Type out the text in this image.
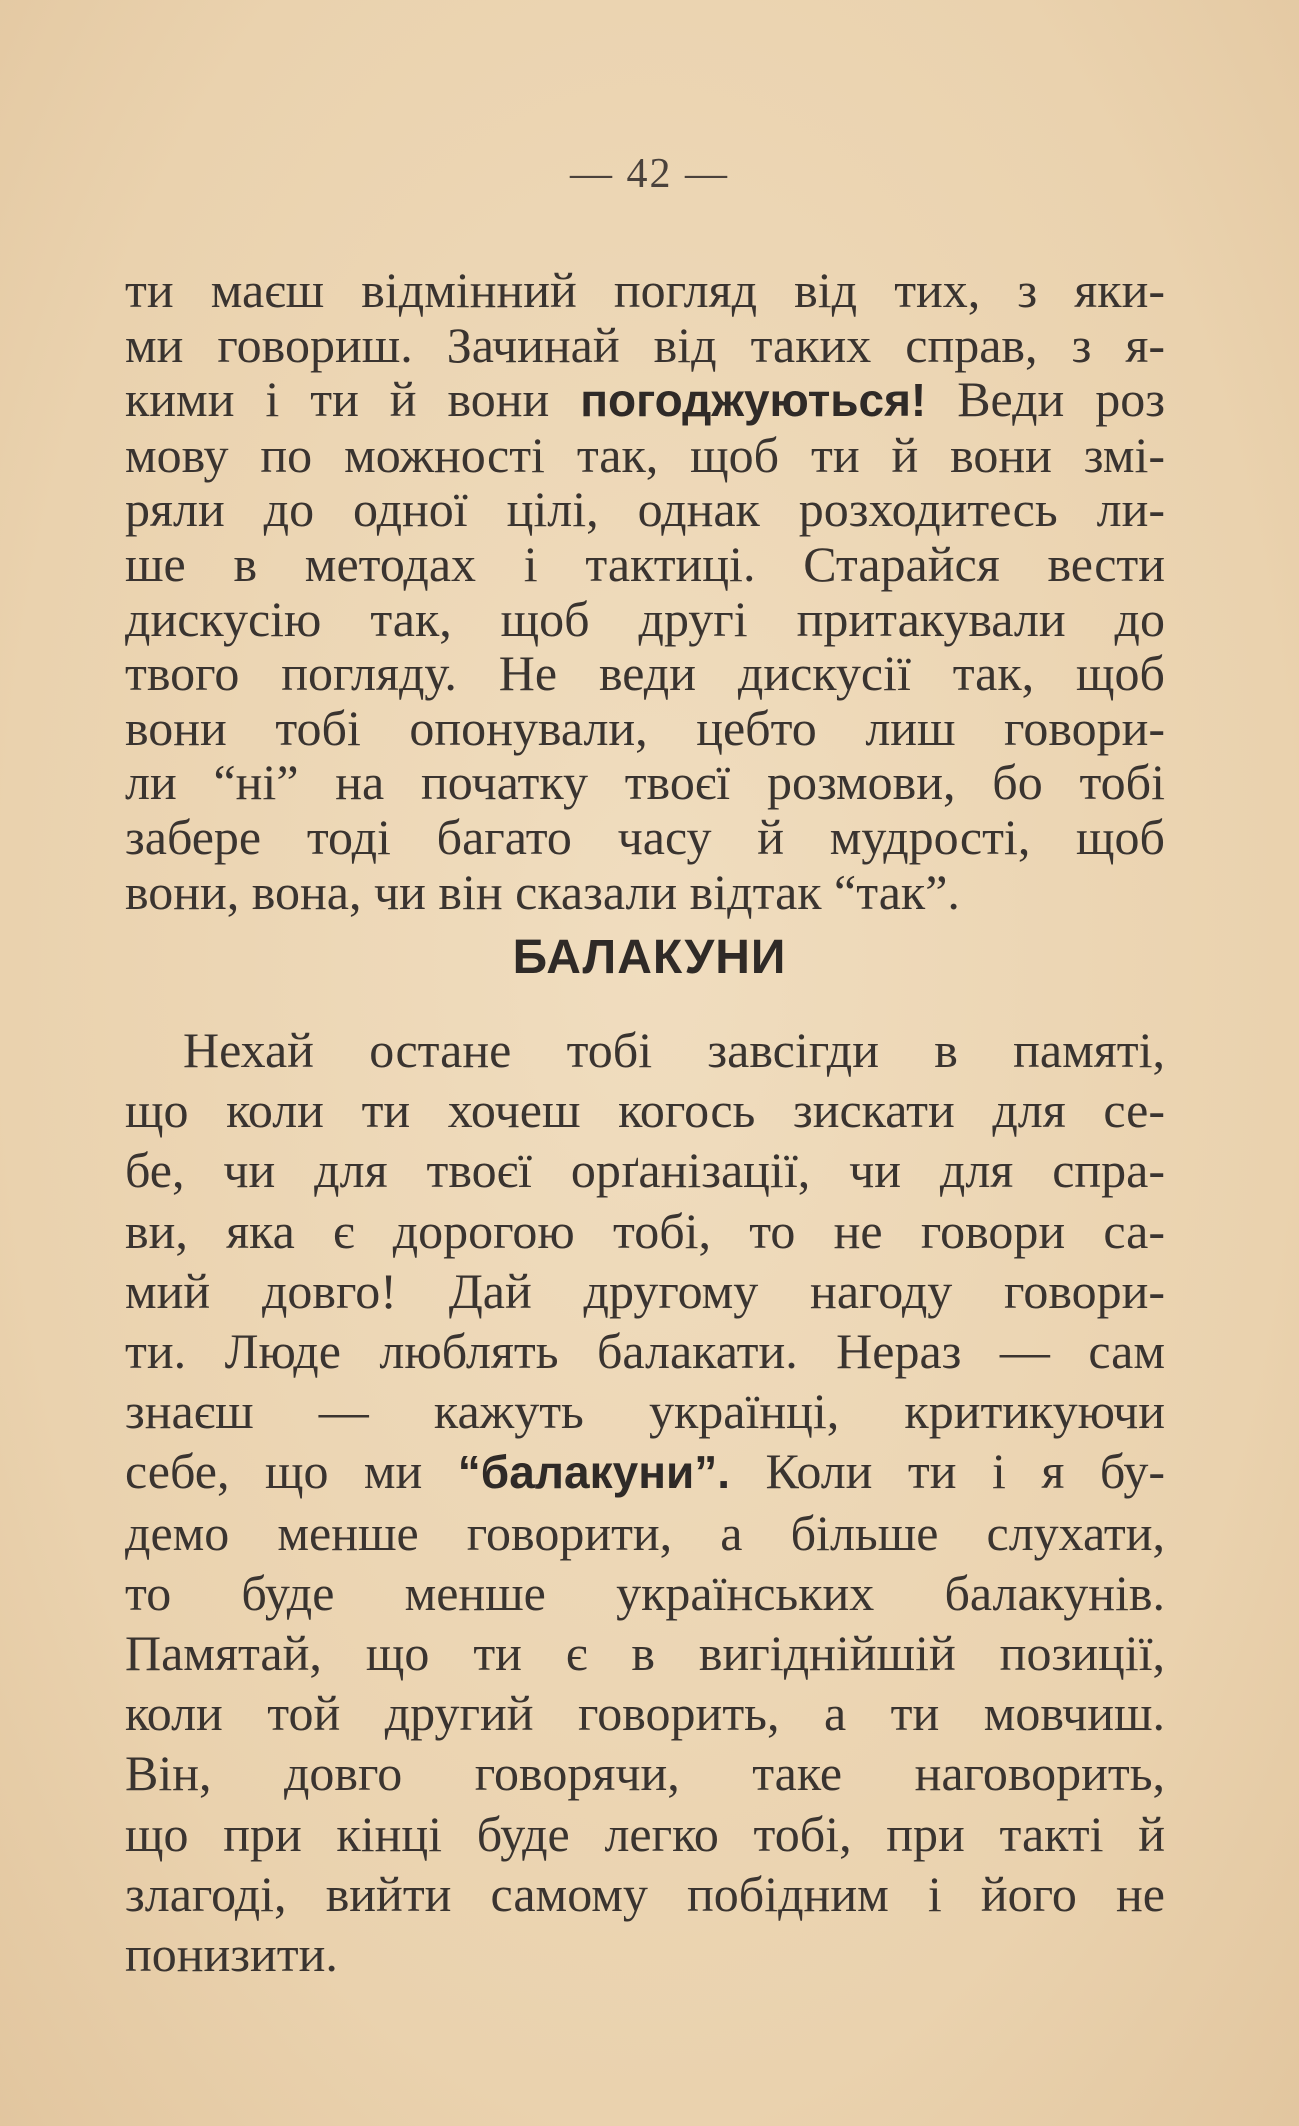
— 42 —
ти маєш відмінний погляд від тих, з яки-
ми говориш. Зачинай від таких справ, з я-
кими і ти й вони погоджуються! Веди роз
мову по можності так, щоб ти й вони змі-
ряли до одної цілі, однак розходитесь ли-
ше в методах і тактиці. Старайся вести
дискусію так, щоб другі притакували до
твого погляду. Не веди дискусії так, щоб
вони тобі опонували, цебто лиш говори-
ли “ні” на початку твоєї розмови, бо тобі
забере тоді багато часу й мудрості, щоб
вони, вона, чи він сказали відтак “так”.
БАЛАКУНИ
Нехай остане тобі завсігди в памяті,
що коли ти хочеш когось зискати для се-
бе, чи для твоєї орґанізації, чи для спра-
ви, яка є дорогою тобі, то не говори са-
мий довго! Дай другому нагоду говори-
ти. Люде люблять балакати. Нераз — сам
знаєш — кажуть українці, критикуючи
себе, що ми “балакуни”. Коли ти і я бу-
демо менше говорити, а більше слухати,
то буде менше українських балакунів.
Памятай, що ти є в вигіднійшій позиції,
коли той другий говорить, а ти мовчиш.
Він, довго говорячи, таке наговорить,
що при кінці буде легко тобі, при такті й
злагоді, вийти самому побідним і його не
понизити.
